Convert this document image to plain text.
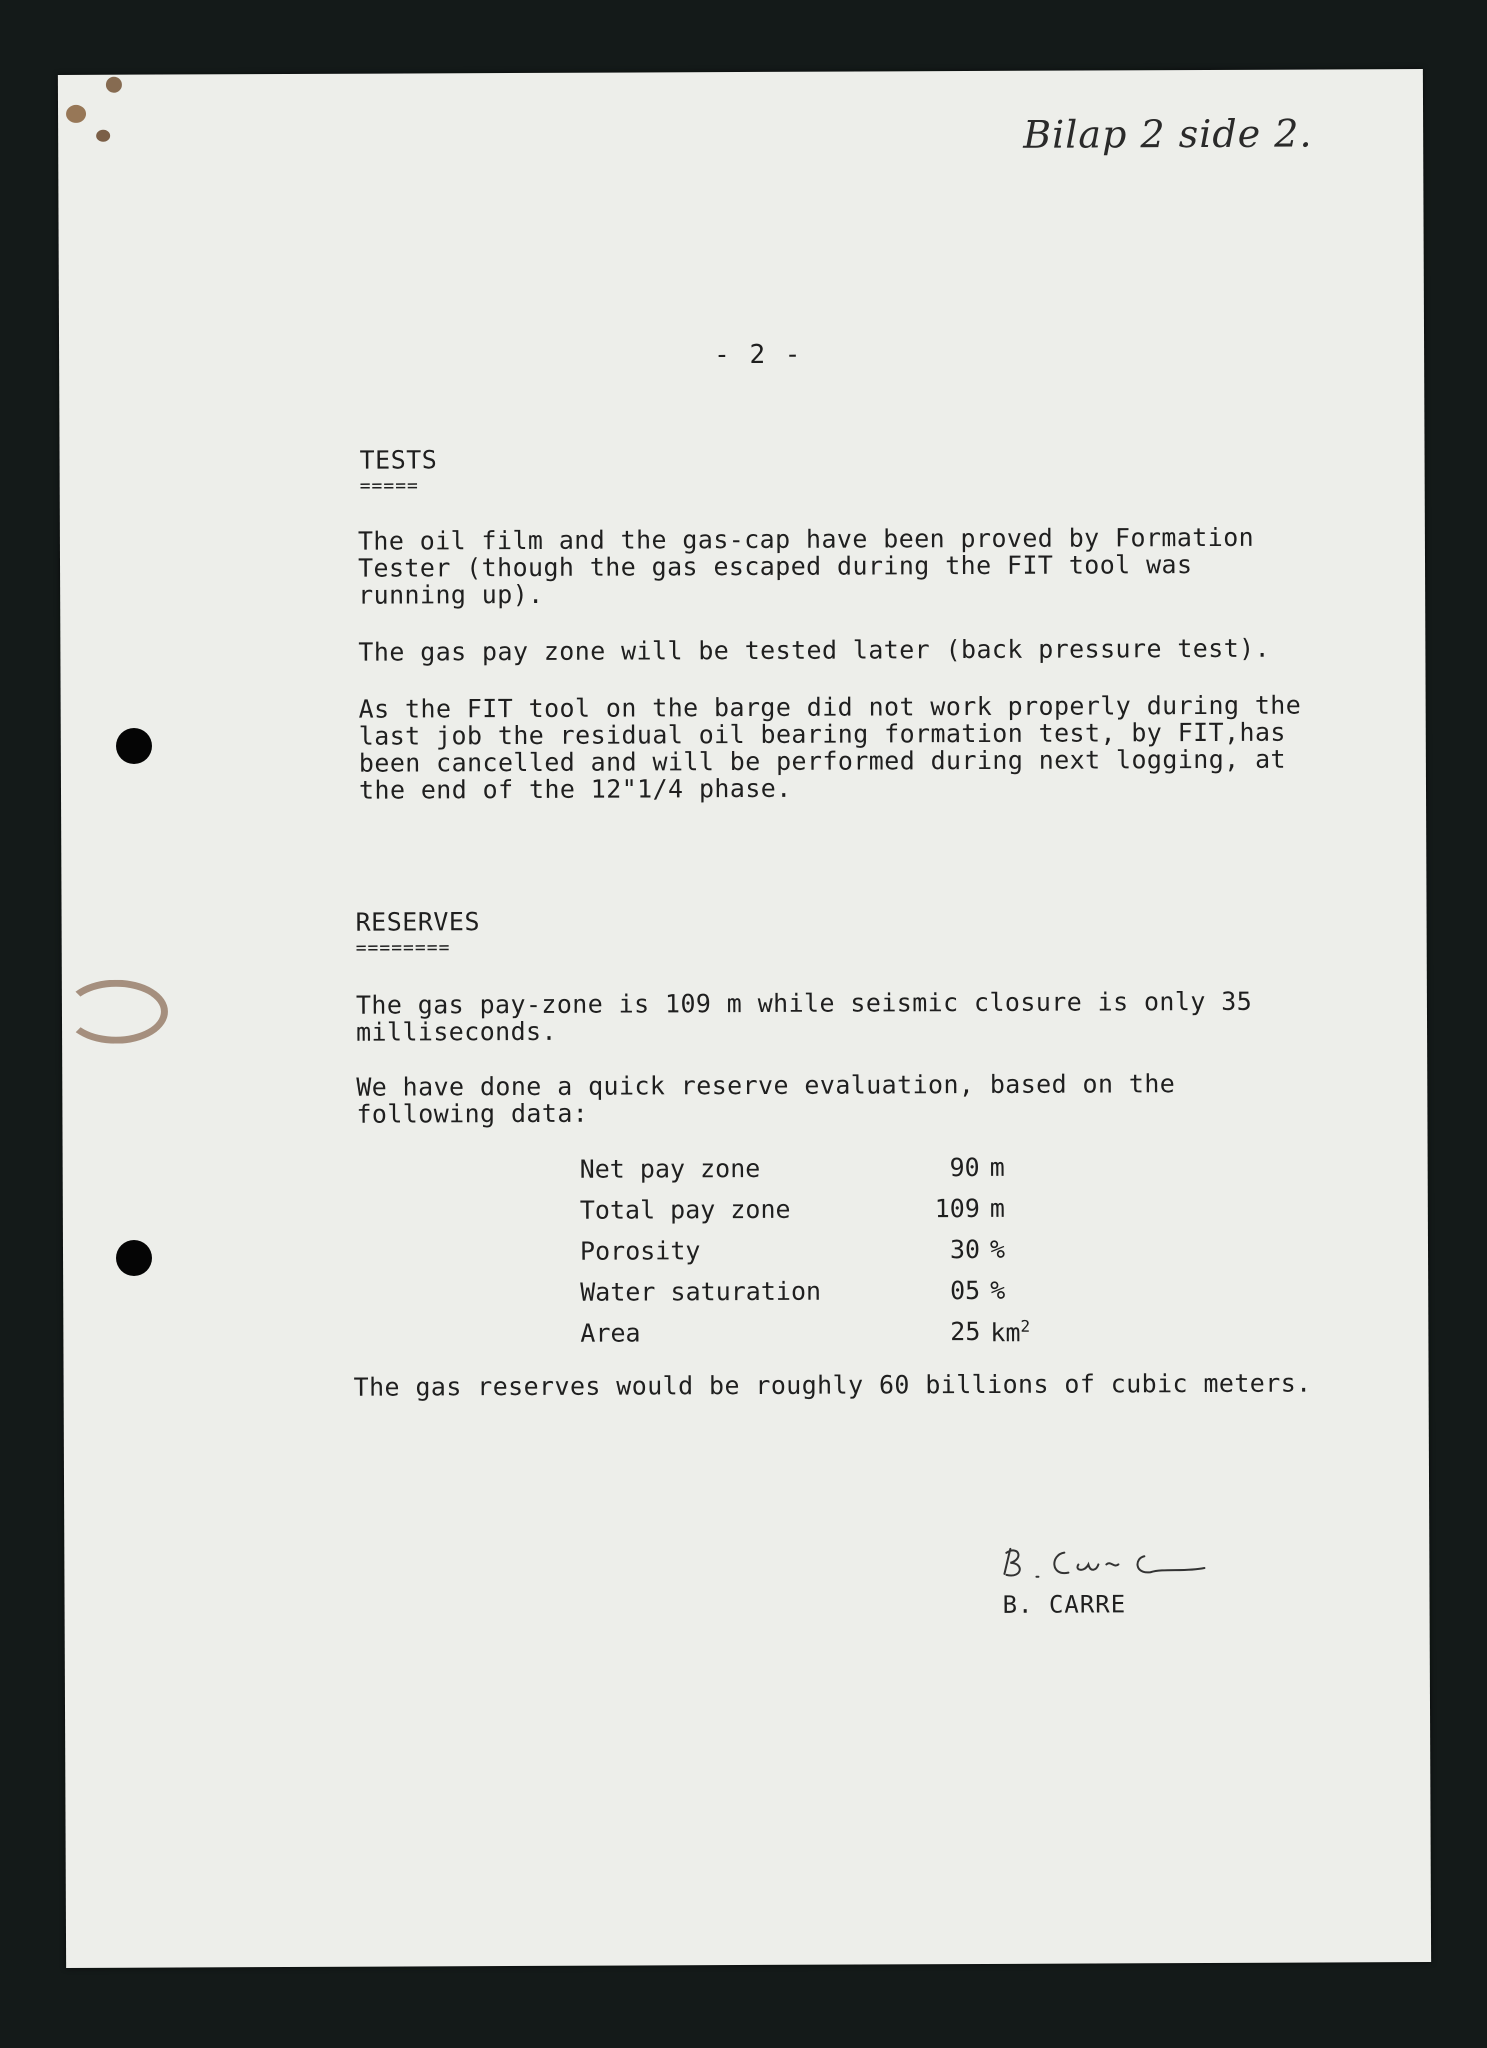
Bilap 2 side 2.
- 2 -
TESTS
=====
The oil film and the gas-cap have been proved by Formation
Tester (though the gas escaped during the FIT tool was
running up).
The gas pay zone will be tested later (back pressure test).
As the FIT tool on the barge did not work properly during the
last job the residual oil bearing formation test, by FIT,has
been cancelled and will be performed during next logging, at
the end of the 12"1/4 phase.
RESERVES
========
The gas pay-zone is 109 m while seismic closure is only 35
milliseconds.
We have done a quick reserve evaluation, based on the
following data:
Net pay zone	90 m
Total pay zone	109 m
Porosity	30 %
Water saturation	05 %
Area	25 $km^2$
The gas reserves would be roughly 60 billions of cubic meters.
B. CARRE
